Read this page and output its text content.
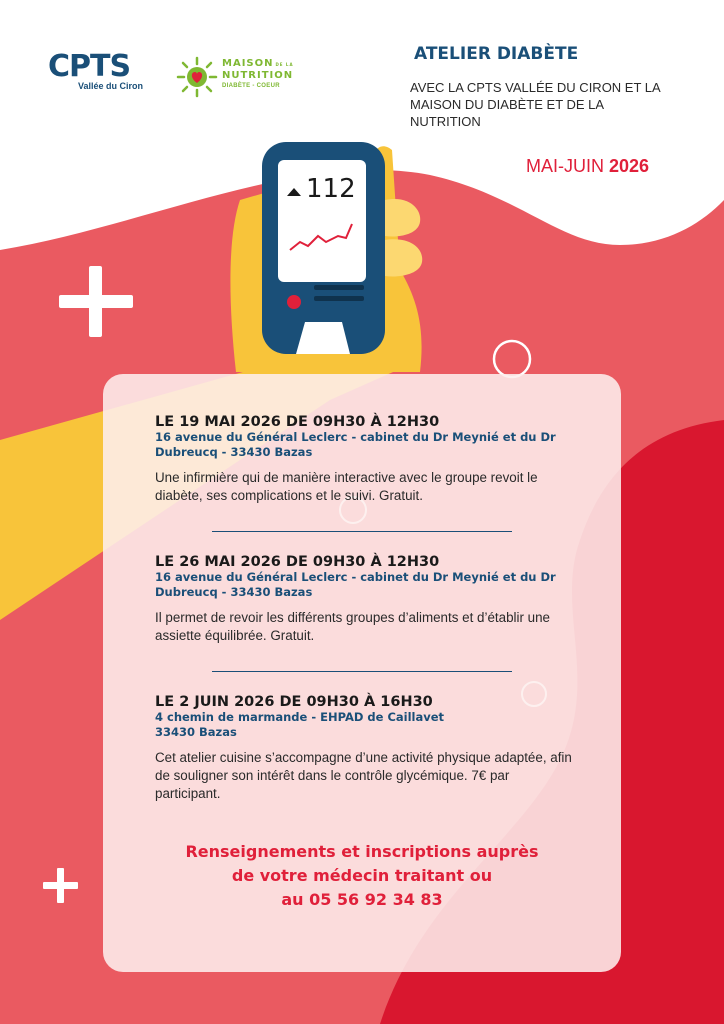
112
CPTS
Vallée du Ciron
MAISON DE LA
NUTRITION
DIABÈTE - COEUR
ATELIER DIABÈTE
AVEC LA CPTS VALLÉE DU CIRON ET LA MAISON DU DIABÈTE ET DE LA NUTRITION
MAI-JUIN 2026

LE 19 MAI 2026 DE 09H30 À 12H30

16 avenue du Général Leclerc - cabinet du Dr Meynié et du Dr Dubreucq - 33430 Bazas

Une infirmière qui de manière interactive avec le groupe revoit le diabète, ses complications et le suivi. Gratuit.

LE 26 MAI 2026 DE 09H30 À 12H30

16 avenue du Général Leclerc - cabinet du Dr Meynié et du Dr Dubreucq - 33430 Bazas

Il permet de revoir les différents groupes d’aliments et d’établir une assiette équilibrée. Gratuit.

LE 2 JUIN 2026 DE 09H30 À 16H30

4 chemin de marmande - EHPAD de Caillavet 33430 Bazas

Cet atelier cuisine s’accompagne d’une activité physique adaptée, afin de souligner son intérêt dans le contrôle glycémique. 7€ par participant.

Renseignements et inscriptions auprès
de votre médecin traitant ou
au 05 56 92 34 83
